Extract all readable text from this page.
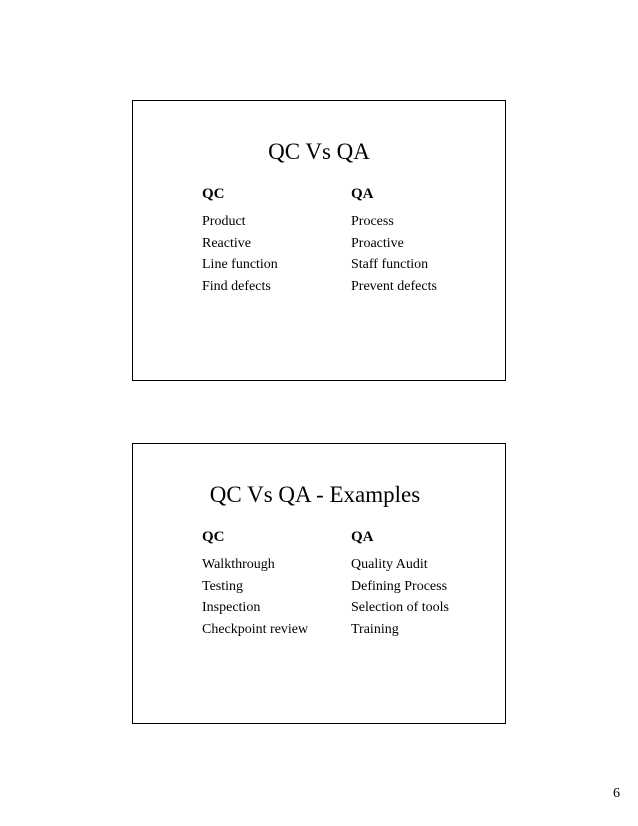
QC Vs QA
QC
Product
Reactive
Line function
Find defects
QA
Process
Proactive
Staff function
Prevent defects
QC Vs QA - Examples
QC
Walkthrough
Testing
Inspection
Checkpoint review
QA
Quality Audit
Defining Process
Selection of tools
Training
6
